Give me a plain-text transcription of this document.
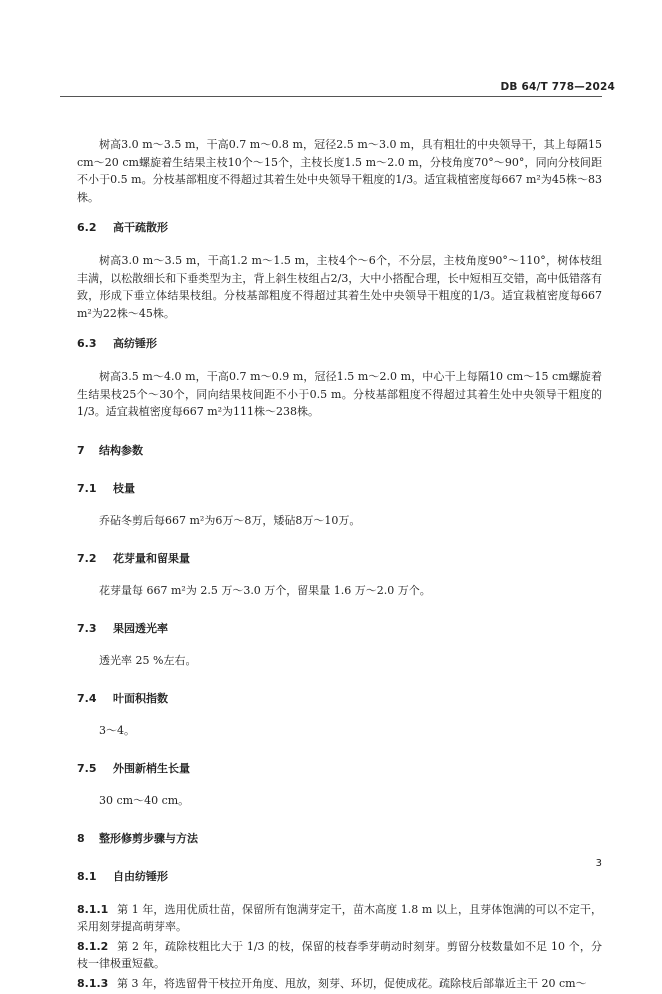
DB 64/T 778—2024

树高3.0 m～3.5 m，干高0.7 m～0.8 m，冠径2.5 m～3.0 m，具有粗壮的中央领导干，其上每隔15 cm～20 cm螺旋着生结果主枝10个～15个，主枝长度1.5 m～2.0 m，分枝角度70°～90°，同向分枝间距不小于0.5 m。分枝基部粗度不得超过其着生处中央领导干粗度的1/3。适宜栽植密度每667 m²为45株～83株。

6.2 高干疏散形

树高3.0 m～3.5 m，干高1.2 m～1.5 m，主枝4个～6个，不分层，主枝角度90°～110°，树体枝组丰满，以松散细长和下垂类型为主，背上斜生枝组占2/3，大中小搭配合理，长中短相互交错，高中低错落有致，形成下垂立体结果枝组。分枝基部粗度不得超过其着生处中央领导干粗度的1/3。适宜栽植密度每667 m²为22株～45株。

6.3 高纺锤形

树高3.5 m～4.0 m，干高0.7 m～0.9 m，冠径1.5 m～2.0 m，中心干上每隔10 cm～15 cm螺旋着生结果枝25个～30个，同向结果枝间距不小于0.5 m。分枝基部粗度不得超过其着生处中央领导干粗度的1/3。适宜栽植密度每667 m²为111株～238株。

7 结构参数
7.1 枝量

乔砧冬剪后每667 m²为6万～8万，矮砧8万～10万。

7.2 花芽量和留果量

花芽量每 667 m²为 2.5 万～3.0 万个，留果量 1.6 万～2.0 万个。

7.3 果园透光率

透光率 25 %左右。

7.4 叶面积指数

3～4。

7.5 外围新梢生长量

30 cm～40 cm。

8 整形修剪步骤与方法
8.1 自由纺锤形

8.1.1 第 1 年，选用优质壮苗，保留所有饱满芽定干，苗木高度 1.8 m 以上，且芽体饱满的可以不定干，采用刻芽提高萌芽率。

8.1.2 第 2 年，疏除枝粗比大于 1/3 的枝，保留的枝春季芽萌动时刻芽。剪留分枝数量如不足 10 个，分枝一律极重短截。

8.1.3 第 3 年，将选留骨干枝拉开角度、甩放，刻芽、环切，促使成花。疏除枝后部靠近主干 20 cm～

3
